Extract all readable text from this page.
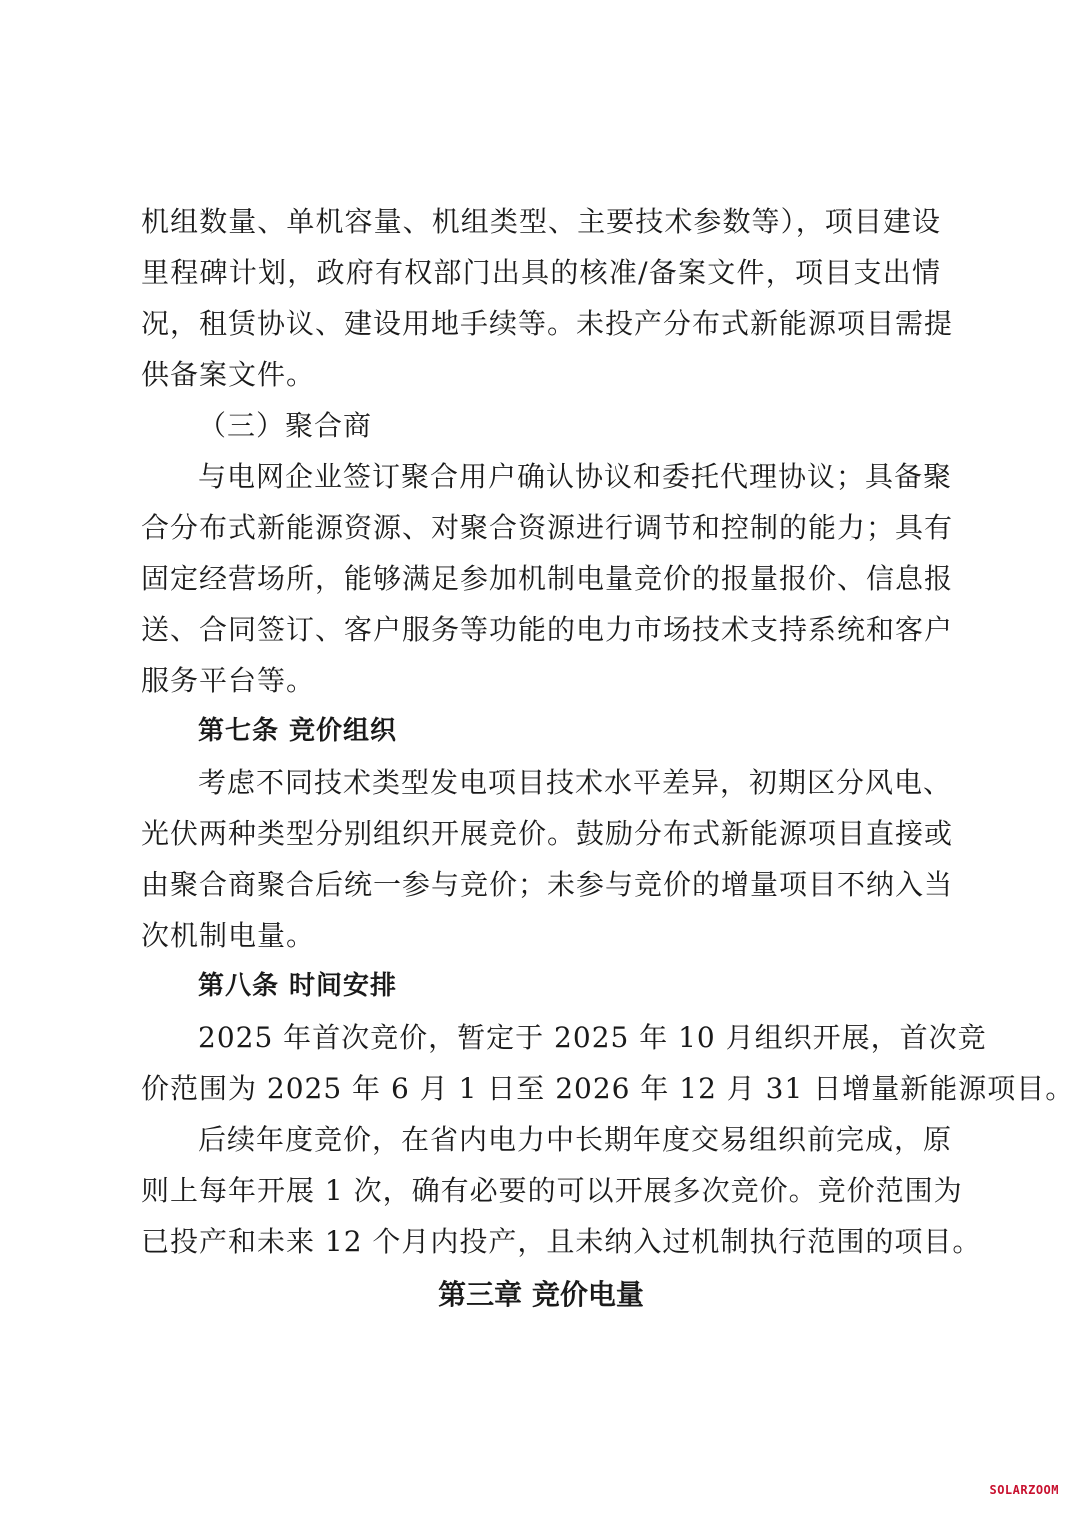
机组数量、单机容量、机组类型、主要技术参数等），项目建设
里程碑计划，政府有权部门出具的核准/备案文件，项目支出情
况，租赁协议、建设用地手续等。未投产分布式新能源项目需提
供备案文件。
（三）聚合商
与电网企业签订聚合用户确认协议和委托代理协议；具备聚
合分布式新能源资源、对聚合资源进行调节和控制的能力；具有
固定经营场所，能够满足参加机制电量竞价的报量报价、信息报
送、合同签订、客户服务等功能的电力市场技术支持系统和客户
服务平台等。
第七条 竞价组织
考虑不同技术类型发电项目技术水平差异，初期区分风电、
光伏两种类型分别组织开展竞价。鼓励分布式新能源项目直接或
由聚合商聚合后统一参与竞价；未参与竞价的增量项目不纳入当
次机制电量。
第八条 时间安排
2025 年首次竞价，暂定于 2025 年 10 月组织开展，首次竞
价范围为 2025 年 6 月 1 日至 2026 年 12 月 31 日增量新能源项目。
后续年度竞价，在省内电力中长期年度交易组织前完成，原
则上每年开展 1 次，确有必要的可以开展多次竞价。竞价范围为
已投产和未来 12 个月内投产，且未纳入过机制执行范围的项目。
第三章 竞价电量
SOLARZOOM
